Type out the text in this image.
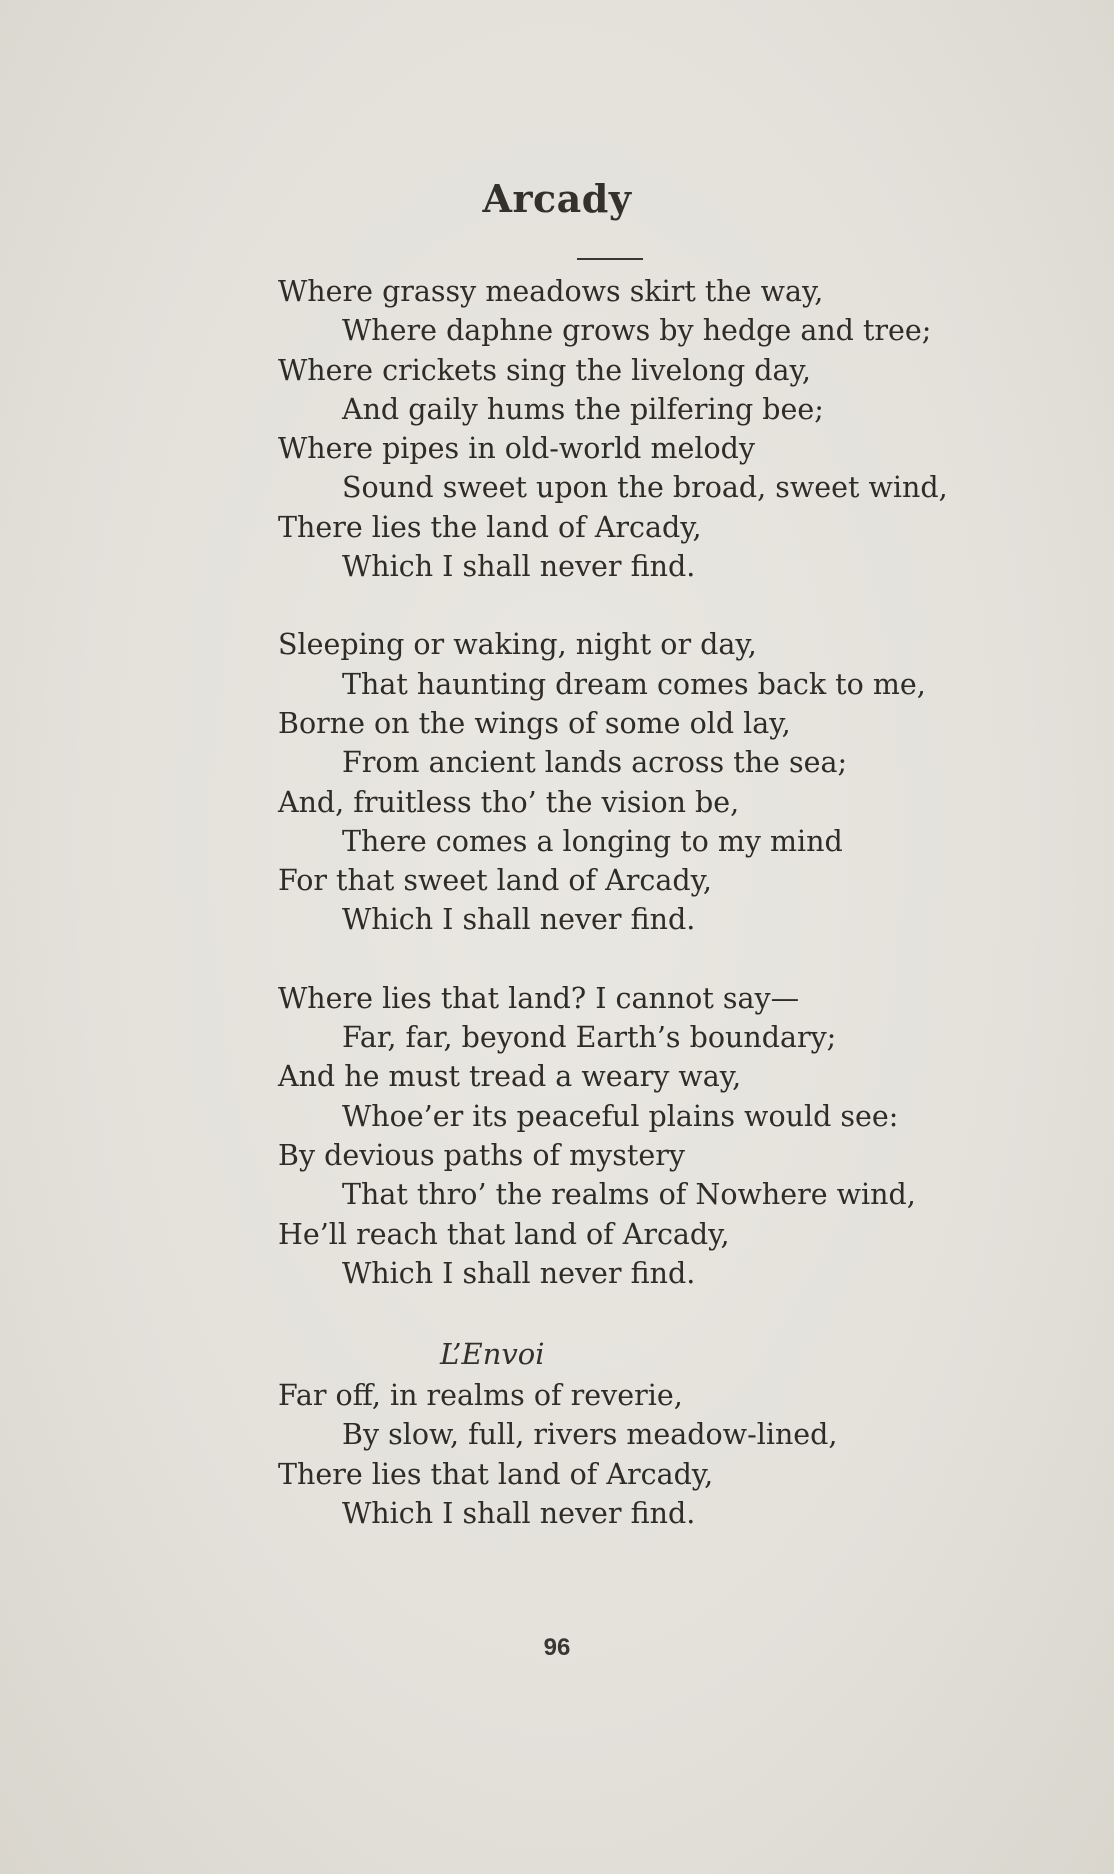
Arcady
Where grassy meadows skirt the way,
Where daphne grows by hedge and tree;
Where crickets sing the livelong day,
And gaily hums the pilfering bee;
Where pipes in old-world melody
Sound sweet upon the broad, sweet wind,
There lies the land of Arcady,
Which I shall never find.
Sleeping or waking, night or day,
That haunting dream comes back to me,
Borne on the wings of some old lay,
From ancient lands across the sea;
And, fruitless tho’ the vision be,
There comes a longing to my mind
For that sweet land of Arcady,
Which I shall never find.
Where lies that land? I cannot say—
Far, far, beyond Earth’s boundary;
And he must tread a weary way,
Whoe’er its peaceful plains would see:
By devious paths of mystery
That thro’ the realms of Nowhere wind,
He’ll reach that land of Arcady,
Which I shall never find.
L’Envoi
Far off, in realms of reverie,
By slow, full, rivers meadow-lined,
There lies that land of Arcady,
Which I shall never find.
96
